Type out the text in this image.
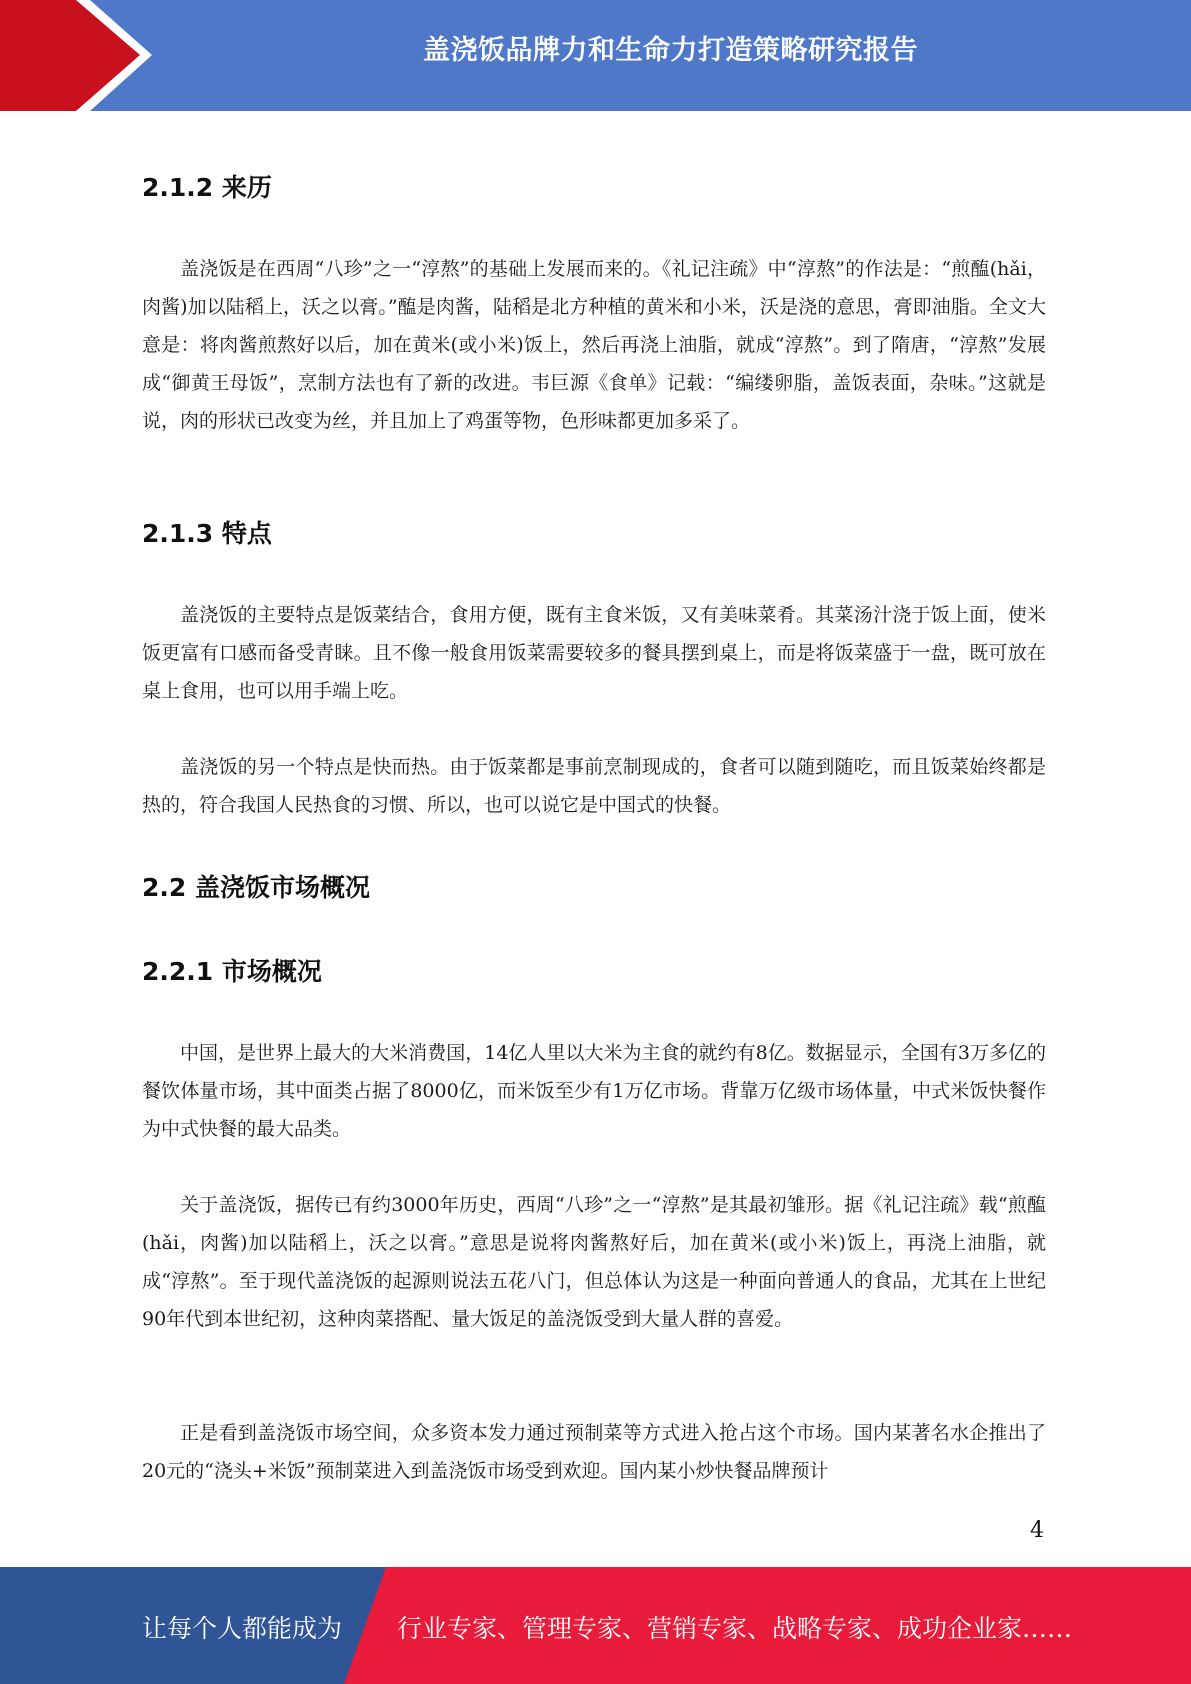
盖浇饭品牌力和生命力打造策略研究报告
2.1.2 来历

盖浇饭是在西周“八珍”之一“淳熬”的基础上发展而来的。《礼记注疏》中“淳熬”的作法是：“煎醢(hǎi，肉酱)加以陆稻上，沃之以膏。”醢是肉酱，陆稻是北方种植的黄米和小米，沃是浇的意思，膏即油脂。全文大意是：将肉酱煎熬好以后，加在黄米(或小米)饭上，然后再浇上油脂，就成“淳熬”。到了隋唐，“淳熬”发展成“御黄王母饭”，烹制方法也有了新的改进。韦巨源《食单》记载：“编缕卵脂，盖饭表面，杂味。”这就是说，肉的形状已改变为丝，并且加上了鸡蛋等物，色形味都更加多采了。

2.1.3 特点

盖浇饭的主要特点是饭菜结合，食用方便，既有主食米饭，又有美味菜肴。其菜汤汁浇于饭上面，使米饭更富有口感而备受青睐。且不像一般食用饭菜需要较多的餐具摆到桌上，而是将饭菜盛于一盘，既可放在桌上食用，也可以用手端上吃。

盖浇饭的另一个特点是快而热。由于饭菜都是事前烹制现成的，食者可以随到随吃，而且饭菜始终都是热的，符合我国人民热食的习惯、所以，也可以说它是中国式的快餐。

2.2 盖浇饭市场概况
2.2.1 市场概况

中国，是世界上最大的大米消费国，14亿人里以大米为主食的就约有8亿。数据显示，全国有3万多亿的餐饮体量市场，其中面类占据了8000亿，而米饭至少有1万亿市场。背靠万亿级市场体量，中式米饭快餐作为中式快餐的最大品类。

关于盖浇饭，据传已有约3000年历史，西周“八珍”之一“淳熬”是其最初雏形。据《礼记注疏》载“煎醢(hǎi，肉酱)加以陆稻上，沃之以膏。”意思是说将肉酱熬好后，加在黄米(或小米)饭上，再浇上油脂，就成“淳熬”。至于现代盖浇饭的起源则说法五花八门，但总体认为这是一种面向普通人的食品，尤其在上世纪90年代到本世纪初，这种肉菜搭配、量大饭足的盖浇饭受到大量人群的喜爱。

正是看到盖浇饭市场空间，众多资本发力通过预制菜等方式进入抢占这个市场。国内某著名水企推出了20元的“浇头+米饭”预制菜进入到盖浇饭市场受到欢迎。国内某小炒快餐品牌预计

4
让每个人都能成为 行业专家、管理专家、营销专家、战略专家、成功企业家……
